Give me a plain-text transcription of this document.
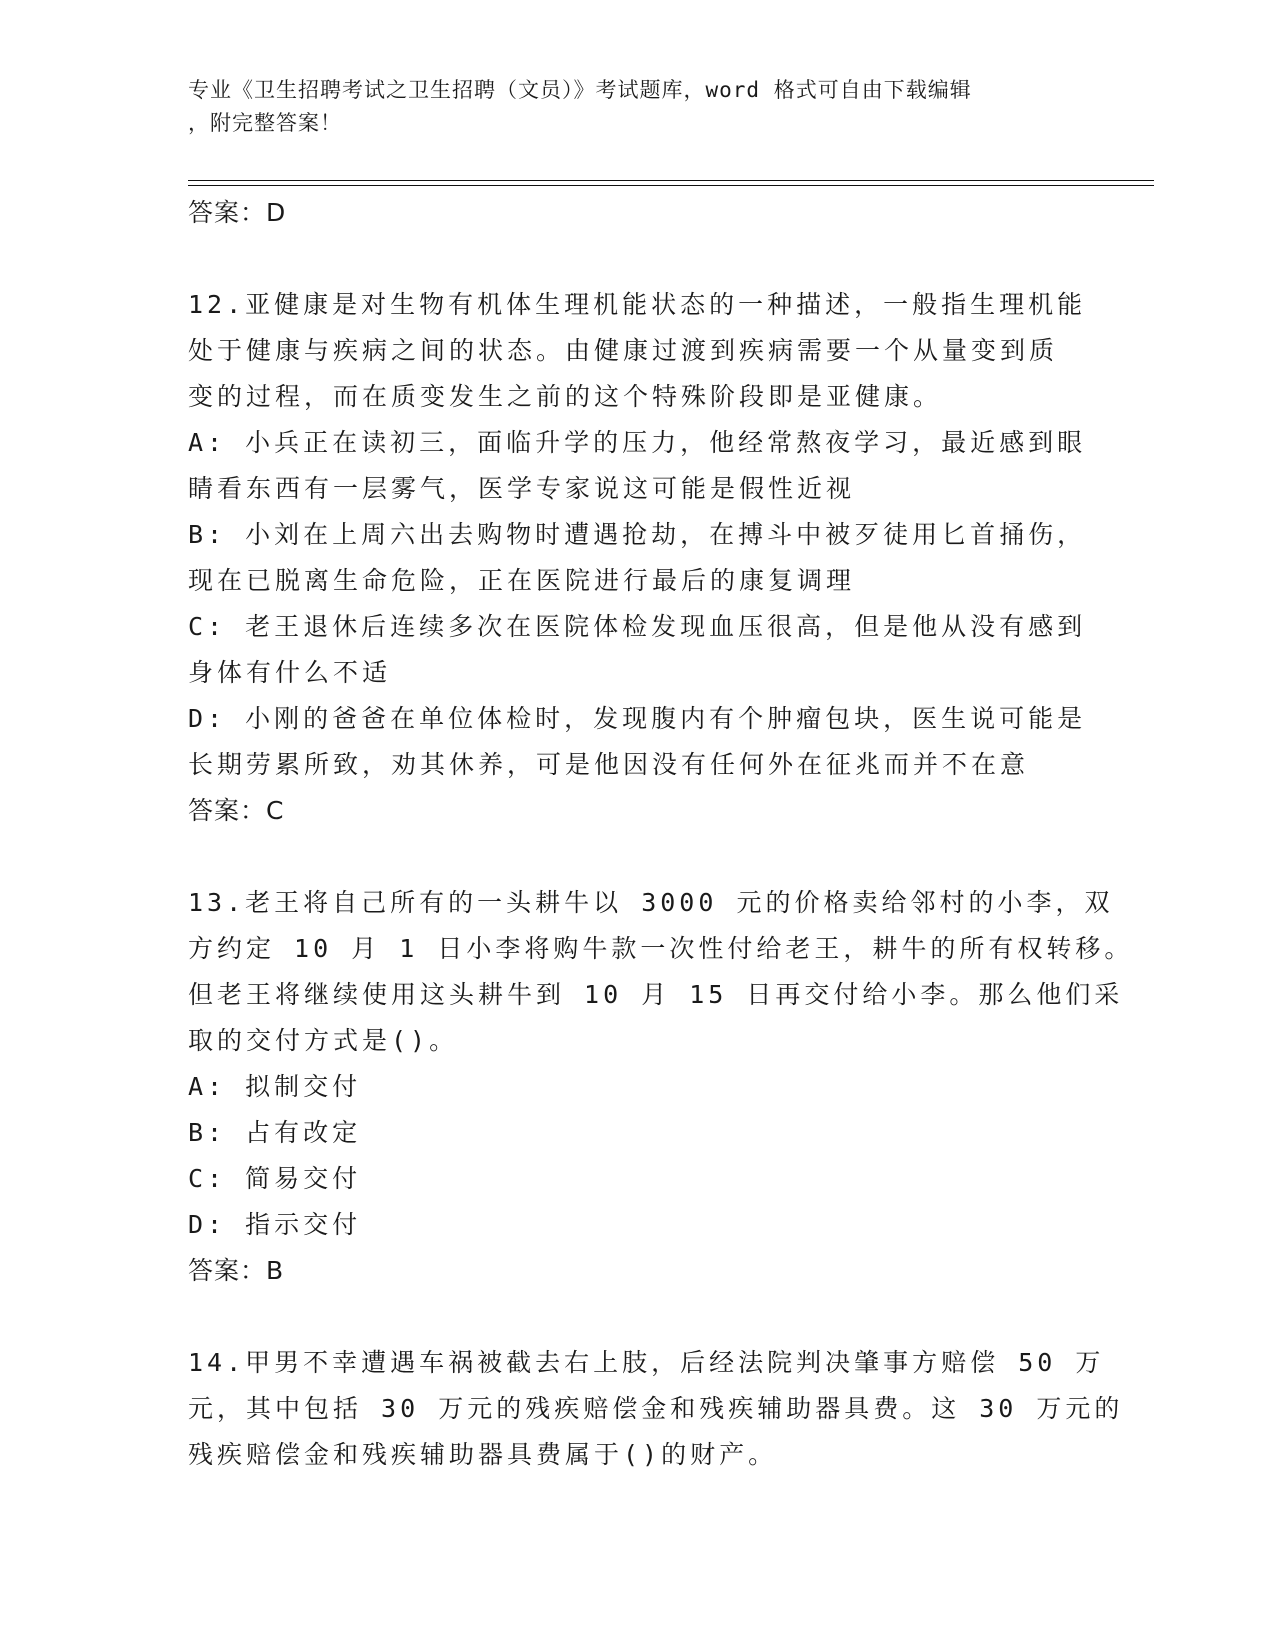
专业《卫生招聘考试之卫生招聘（文员）》考试题库，word 格式可自由下载编辑
，附完整答案！
答案：D
12.亚健康是对生物有机体生理机能状态的一种描述，一般指生理机能
处于健康与疾病之间的状态。由健康过渡到疾病需要一个从量变到质
变的过程，而在质变发生之前的这个特殊阶段即是亚健康。
A: 小兵正在读初三，面临升学的压力，他经常熬夜学习，最近感到眼
睛看东西有一层雾气，医学专家说这可能是假性近视
B: 小刘在上周六出去购物时遭遇抢劫，在搏斗中被歹徒用匕首捅伤，
现在已脱离生命危险，正在医院进行最后的康复调理
C: 老王退休后连续多次在医院体检发现血压很高，但是他从没有感到
身体有什么不适
D: 小刚的爸爸在单位体检时，发现腹内有个肿瘤包块，医生说可能是
长期劳累所致，劝其休养，可是他因没有任何外在征兆而并不在意
答案：C
13.老王将自己所有的一头耕牛以 3000 元的价格卖给邻村的小李，双
方约定 10 月 1 日小李将购牛款一次性付给老王，耕牛的所有权转移。
但老王将继续使用这头耕牛到 10 月 15 日再交付给小李。那么他们采
取的交付方式是()。
A: 拟制交付
B: 占有改定
C: 简易交付
D: 指示交付
答案：B
14.甲男不幸遭遇车祸被截去右上肢，后经法院判决肇事方赔偿 50 万
元，其中包括 30 万元的残疾赔偿金和残疾辅助器具费。这 30 万元的
残疾赔偿金和残疾辅助器具费属于()的财产。
